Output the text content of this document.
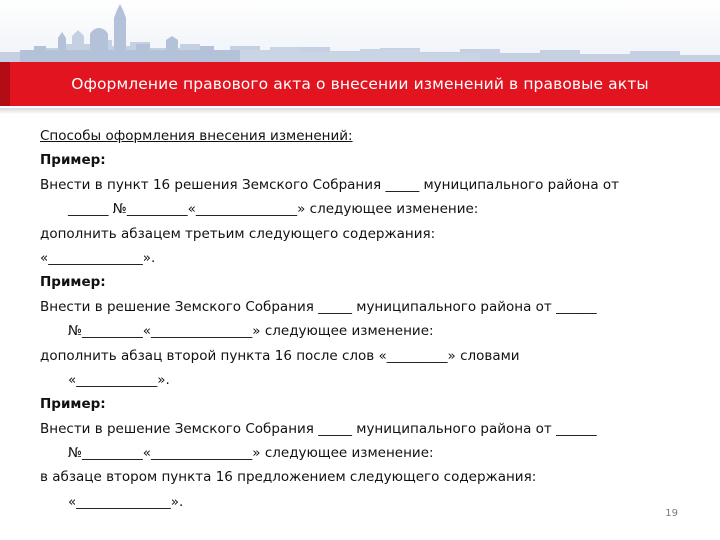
Оформление правового акта о внесении изменений в правовые акты
Способы оформления внесения изменений:
Пример:
Внести в пункт 16 решения Земского Собрания _____ муниципального района от
______ №_________«_______________» следующее изменение:
дополнить абзацем третьим следующего содержания:
«______________».
Пример:
Внести в решение Земского Собрания _____ муниципального района от ______
№_________«_______________» следующее изменение:
дополнить абзац второй пункта 16 после слов «_________» словами
«____________».
Пример:
Внести в решение Земского Собрания _____ муниципального района от ______
№_________«_______________» следующее изменение:
в абзаце втором пункта 16 предложением следующего содержания:
«______________».
19
